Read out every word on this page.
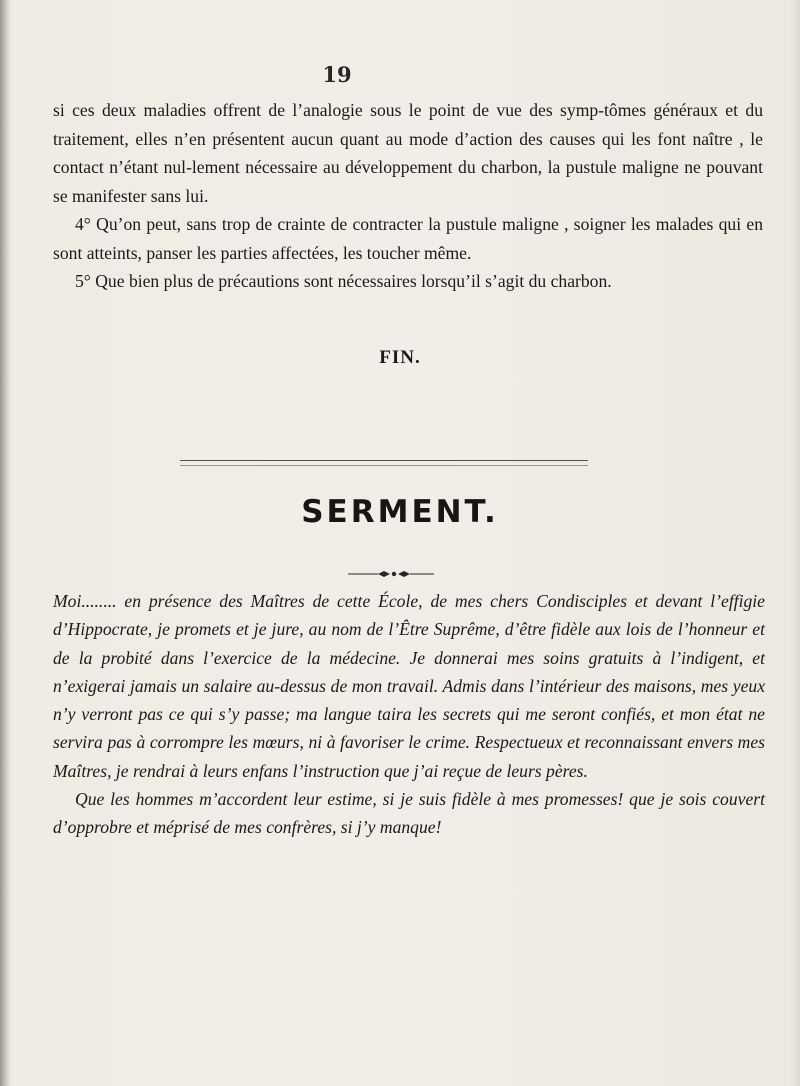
19

si ces deux maladies offrent de l’analogie sous le point de vue des symp-tômes généraux et du traitement, elles n’en présentent aucun quant au mode d’action des causes qui les font naître , le contact n’étant nul-lement nécessaire au développement du charbon, la pustule maligne ne pouvant se manifester sans lui.

4° Qu’on peut, sans trop de crainte de contracter la pustule maligne , soigner les malades qui en sont atteints, panser les parties affectées, les toucher même.

5° Que bien plus de précautions sont nécessaires lorsqu’il s’agit du charbon.

FIN.
SERMENT.

Moi........ en présence des Maîtres de cette École, de mes chers Condisciples et devant l’effigie d’Hippocrate, je promets et je jure, au nom de l’Être Suprême, d’être fidèle aux lois de l’honneur et de la probité dans l’exercice de la médecine. Je donnerai mes soins gratuits à l’indigent, et n’exigerai jamais un salaire au-dessus de mon travail. Admis dans l’intérieur des maisons, mes yeux n’y verront pas ce qui s’y passe; ma langue taira les secrets qui me seront confiés, et mon état ne servira pas à corrompre les mœurs, ni à favoriser le crime. Respectueux et reconnaissant envers mes Maîtres, je rendrai à leurs enfans l’instruction que j’ai reçue de leurs pères.

Que les hommes m’accordent leur estime, si je suis fidèle à mes promesses! que je sois couvert d’opprobre et méprisé de mes confrères, si j’y manque!
